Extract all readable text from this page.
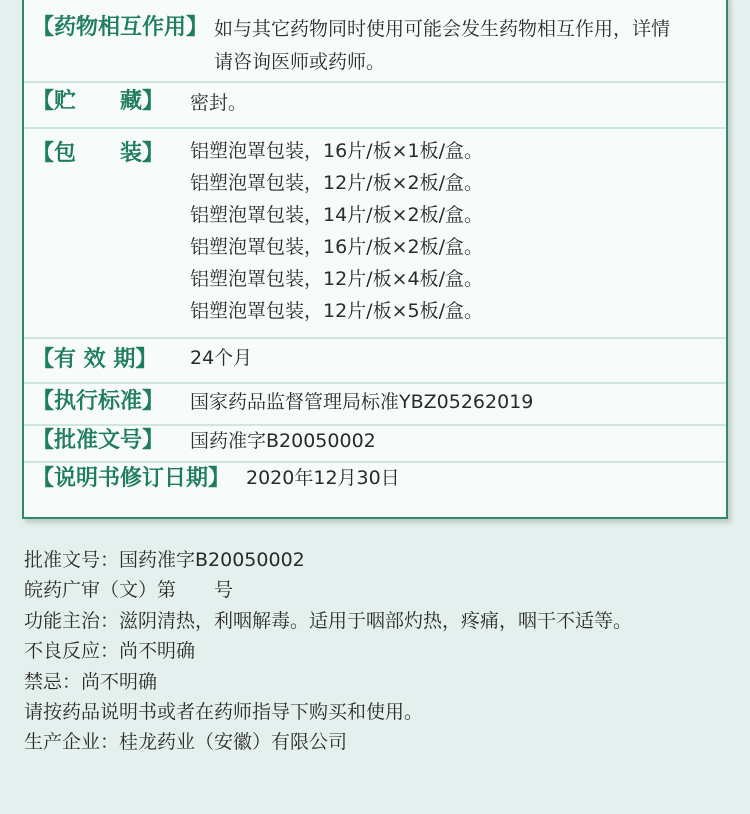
【药物相互作用】 如与其它药物同时使用可能会发生药物相互作用，详情
请咨询医师或药师。
【贮　　藏】 密封。
【包　　装】 铝塑泡罩包装，16片/板×1板/盒。
铝塑泡罩包装，12片/板×2板/盒。
铝塑泡罩包装，14片/板×2板/盒。
铝塑泡罩包装，16片/板×2板/盒。
铝塑泡罩包装，12片/板×4板/盒。
铝塑泡罩包装，12片/板×5板/盒。
【有 效 期】 24个月
【执行标准】 国家药品监督管理局标准YBZ05262019
【批准文号】 国药准字B20050002
【说明书修订日期】 2020年12月30日
批准文号：国药准字B20050002
皖药广审（文）第　　号
功能主治：滋阴清热，利咽解毒。适用于咽部灼热，疼痛，咽干不适等。
不良反应：尚不明确
禁忌：尚不明确
请按药品说明书或者在药师指导下购买和使用。
生产企业：桂龙药业（安徽）有限公司
